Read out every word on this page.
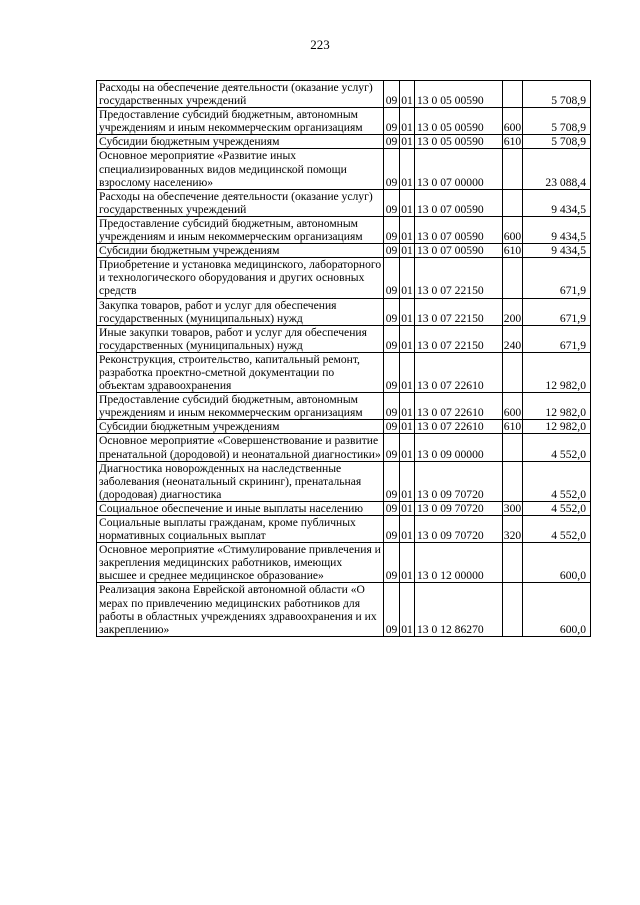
223
Расходы на обеспечение деятельности (оказание услуг) государственных учреждений	09	01	13 0 05 00590		5 708,9
Предоставление субсидий бюджетным, автономным учреждениям и иным некоммерческим организациям	09	01	13 0 05 00590	600	5 708,9
Субсидии бюджетным учреждениям	09	01	13 0 05 00590	610	5 708,9
Основное мероприятие «Развитие иных специализированных видов медицинской помощи взрослому населению»	09	01	13 0 07 00000		23 088,4
Расходы на обеспечение деятельности (оказание услуг) государственных учреждений	09	01	13 0 07 00590		9 434,5
Предоставление субсидий бюджетным, автономным учреждениям и иным некоммерческим организациям	09	01	13 0 07 00590	600	9 434,5
Субсидии бюджетным учреждениям	09	01	13 0 07 00590	610	9 434,5
Приобретение и установка медицинского, лабораторного и технологического оборудования и других основных средств	09	01	13 0 07 22150		671,9
Закупка товаров, работ и услуг для обеспечения государственных (муниципальных) нужд	09	01	13 0 07 22150	200	671,9
Иные закупки товаров, работ и услуг для обеспечения государственных (муниципальных) нужд	09	01	13 0 07 22150	240	671,9
Реконструкция, строительство, капитальный ремонт, разработка проектно-сметной документации по объектам здравоохранения	09	01	13 0 07 22610		12 982,0
Предоставление субсидий бюджетным, автономным учреждениям и иным некоммерческим организациям	09	01	13 0 07 22610	600	12 982,0
Субсидии бюджетным учреждениям	09	01	13 0 07 22610	610	12 982,0
Основное мероприятие «Совершенствование и развитие пренатальной (дородовой) и неонатальной диагностики»	09	01	13 0 09 00000		4 552,0
Диагностика новорожденных на наследственные заболевания (неонатальный скрининг), пренатальная (дородовая) диагностика	09	01	13 0 09 70720		4 552,0
Социальное обеспечение и иные выплаты населению	09	01	13 0 09 70720	300	4 552,0
Социальные выплаты гражданам, кроме публичных нормативных социальных выплат	09	01	13 0 09 70720	320	4 552,0
Основное мероприятие «Стимулирование привлечения и закрепления медицинских работников, имеющих высшее и среднее медицинское образование»	09	01	13 0 12 00000		600,0
Реализация закона Еврейской автономной области «О мерах по привлечению медицинских работников для работы в областных учреждениях здравоохранения и их закреплению»	09	01	13 0 12 86270		600,0
